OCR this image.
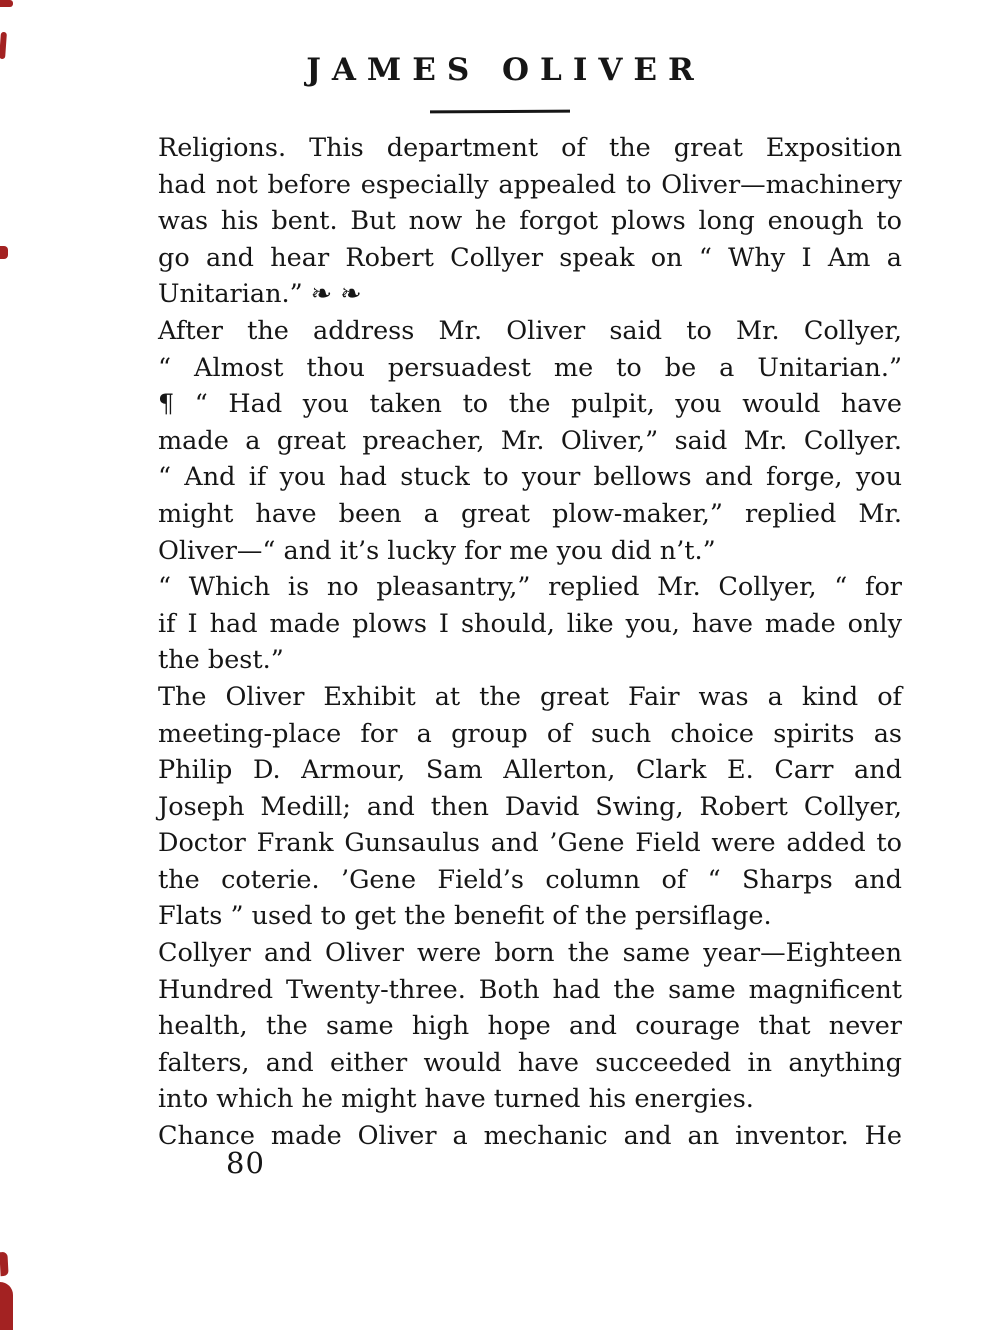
JAMES OLIVER
Religions. This department of the great Exposition
had not before especially appealed to Oliver—machinery
was his bent. But now he forgot plows long enough to
go and hear Robert Collyer speak on “ Why I Am a
Unitarian.” ❧ ❧
After the address Mr. Oliver said to Mr. Collyer,
“ Almost thou persuadest me to be a Unitarian.”
¶ “ Had you taken to the pulpit, you would have
made a great preacher, Mr. Oliver,” said Mr. Collyer.
“ And if you had stuck to your bellows and forge, you
might have been a great plow-maker,” replied Mr.
Oliver—“ and it’s lucky for me you did n’t.”
“ Which is no pleasantry,” replied Mr. Collyer, “ for
if I had made plows I should, like you, have made only
the best.”
The Oliver Exhibit at the great Fair was a kind of
meeting-place for a group of such choice spirits as
Philip D. Armour, Sam Allerton, Clark E. Carr and
Joseph Medill; and then David Swing, Robert Collyer,
Doctor Frank Gunsaulus and ’Gene Field were added to
the coterie. ’Gene Field’s column of “ Sharps and
Flats ” used to get the benefit of the persiflage.
Collyer and Oliver were born the same year—Eighteen
Hundred Twenty-three. Both had the same magnificent
health, the same high hope and courage that never
falters, and either would have succeeded in anything
into which he might have turned his energies.
Chance made Oliver a mechanic and an inventor. He
80
